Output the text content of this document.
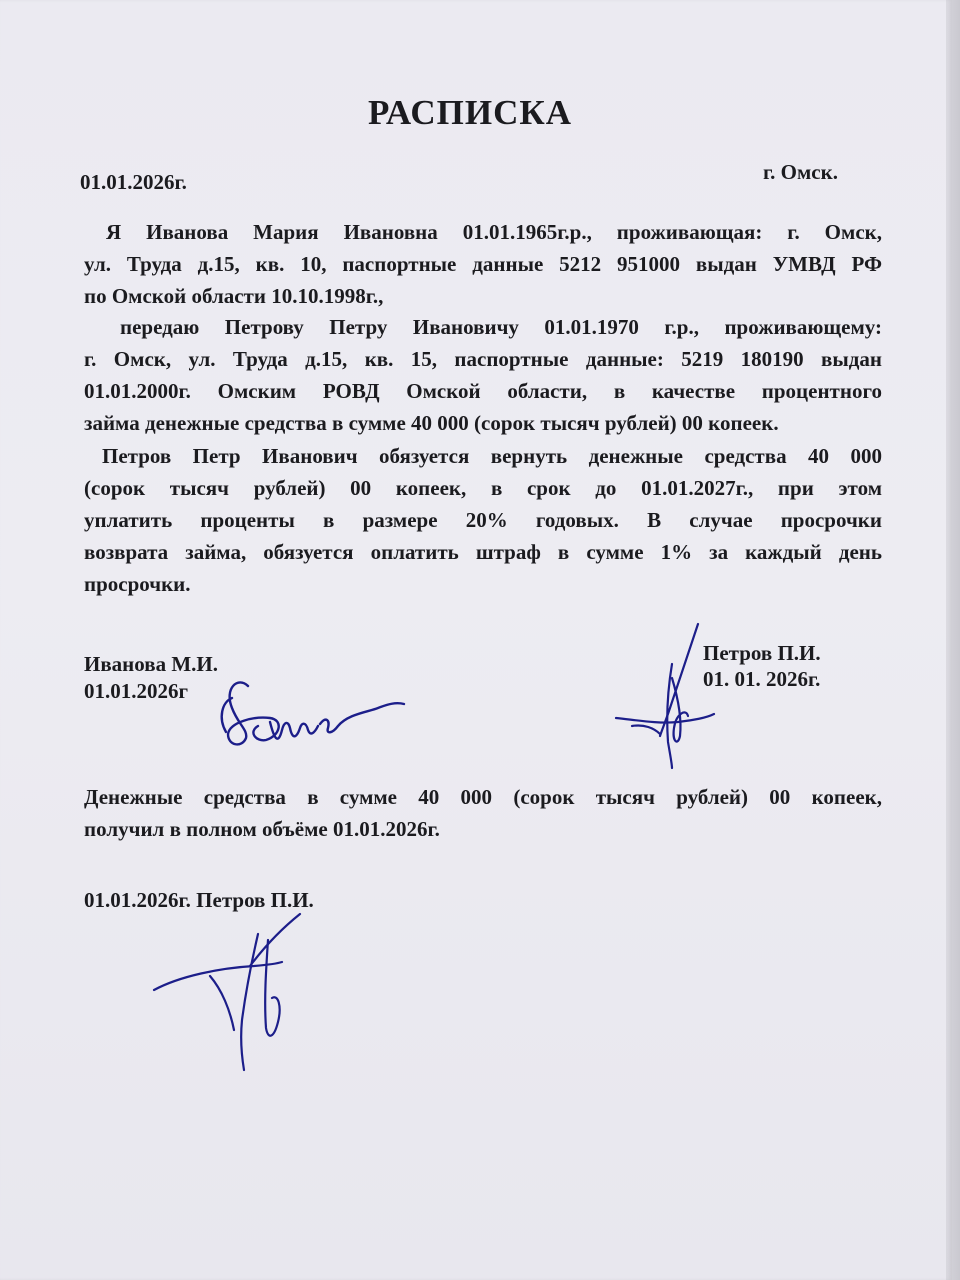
РАСПИСКА
01.01.2026г.	г. Омск.
Я Иванова Мария Ивановна 01.01.1965г.р., проживающая: г. Омск,
ул. Труда д.15, кв. 10, паспортные данные 5212 951000 выдан УМВД РФ
по Омской области 10.10.1998г.,
передаю Петрову Петру Ивановичу 01.01.1970 г.р., проживающему:
г. Омск, ул. Труда д.15, кв. 15, паспортные данные: 5219 180190 выдан
01.01.2000г. Омским РОВД Омской области, в качестве процентного
займа денежные средства в сумме 40 000 (сорок тысяч рублей) 00 копеек.
Петров Петр Иванович обязуется вернуть денежные средства 40 000
(сорок тысяч рублей) 00 копеек, в срок до 01.01.2027г., при этом
уплатить проценты в размере 20% годовых. В случае просрочки
возврата займа, обязуется оплатить штраф в сумме 1% за каждый день
просрочки.
Иванова М.И.
01.01.2026г
Петров П.И.
01. 01. 2026г.
Денежные средства в сумме 40 000 (сорок тысяч рублей) 00 копеек,
получил в полном объёме 01.01.2026г.
01.01.2026г. Петров П.И.
